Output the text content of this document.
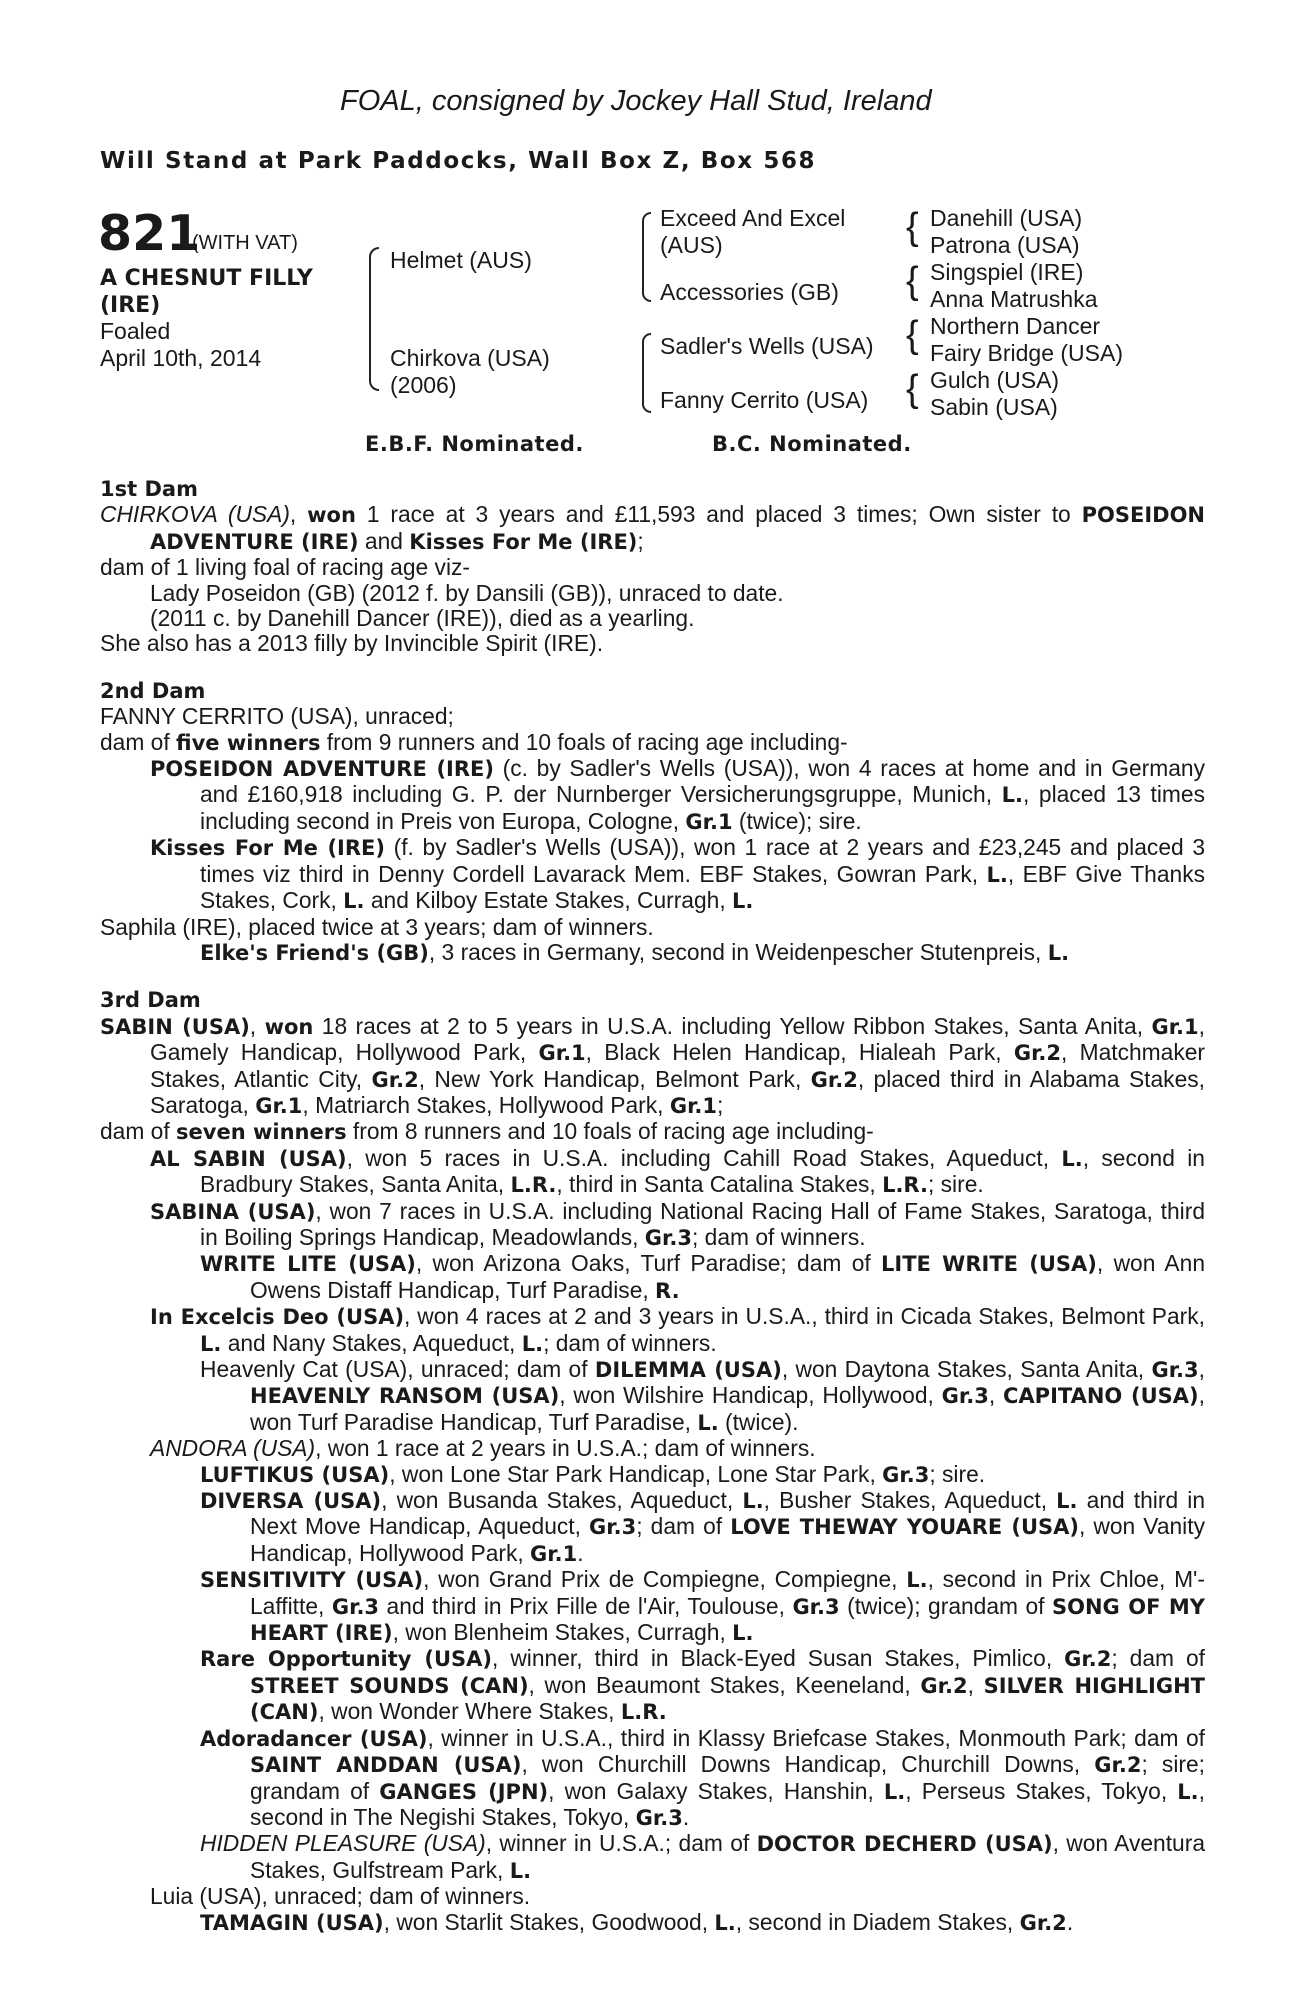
FOAL, consigned by Jockey Hall Stud, Ireland
Will Stand at Park Paddocks, Wall Box Z, Box 568
821
(WITH VAT)
A CHESNUT FILLY
(IRE)
Foaled
April 10th, 2014
Helmet (AUS)
Chirkova (USA)
(2006)
Exceed And Excel
(AUS)
Accessories (GB)
Sadler's Wells (USA)
Fanny Cerrito (USA)
{
{
{
{
Danehill (USA)
Patrona (USA)
Singspiel (IRE)
Anna Matrushka
Northern Dancer
Fairy Bridge (USA)
Gulch (USA)
Sabin (USA)
E.B.F. Nominated.	B.C. Nominated.
1st Dam
CHIRKOVA (USA), won 1 race at 3 years and £11,593 and placed 3 times; Own sister to POSEIDON ADVENTURE (IRE) and Kisses For Me (IRE);
dam of 1 living foal of racing age viz-
Lady Poseidon (GB) (2012 f. by Dansili (GB)), unraced to date.
(2011 c. by Danehill Dancer (IRE)), died as a yearling.
She also has a 2013 filly by Invincible Spirit (IRE).
2nd Dam
FANNY CERRITO (USA), unraced;
dam of five winners from 9 runners and 10 foals of racing age including-
POSEIDON ADVENTURE (IRE) (c. by Sadler's Wells (USA)), won 4 races at home and in Germany and £160,918 including G. P. der Nurnberger Versicherungsgruppe, Munich, L., placed 13 times including second in Preis von Europa, Cologne, Gr.1 (twice); sire.
Kisses For Me (IRE) (f. by Sadler's Wells (USA)), won 1 race at 2 years and £23,245 and placed 3 times viz third in Denny Cordell Lavarack Mem. EBF Stakes, Gowran Park, L., EBF Give Thanks Stakes, Cork, L. and Kilboy Estate Stakes, Curragh, L.
Saphila (IRE), placed twice at 3 years; dam of winners.
Elke's Friend's (GB), 3 races in Germany, second in Weidenpescher Stutenpreis, L.
3rd Dam
SABIN (USA), won 18 races at 2 to 5 years in U.S.A. including Yellow Ribbon Stakes, Santa Anita, Gr.1, Gamely Handicap, Hollywood Park, Gr.1, Black Helen Handicap, Hialeah Park, Gr.2, Matchmaker Stakes, Atlantic City, Gr.2, New York Handicap, Belmont Park, Gr.2, placed third in Alabama Stakes, Saratoga, Gr.1, Matriarch Stakes, Hollywood Park, Gr.1;
dam of seven winners from 8 runners and 10 foals of racing age including-
AL SABIN (USA), won 5 races in U.S.A. including Cahill Road Stakes, Aqueduct, L., second in Bradbury Stakes, Santa Anita, L.R., third in Santa Catalina Stakes, L.R.; sire.
SABINA (USA), won 7 races in U.S.A. including National Racing Hall of Fame Stakes, Saratoga, third in Boiling Springs Handicap, Meadowlands, Gr.3; dam of winners.
WRITE LITE (USA), won Arizona Oaks, Turf Paradise; dam of LITE WRITE (USA), won Ann Owens Distaff Handicap, Turf Paradise, R.
In Excelcis Deo (USA), won 4 races at 2 and 3 years in U.S.A., third in Cicada Stakes, Belmont Park, L. and Nany Stakes, Aqueduct, L.; dam of winners.
Heavenly Cat (USA), unraced; dam of DILEMMA (USA), won Daytona Stakes, Santa Anita, Gr.3, HEAVENLY RANSOM (USA), won Wilshire Handicap, Hollywood, Gr.3, CAPITANO (USA), won Turf Paradise Handicap, Turf Paradise, L. (twice).
ANDORA (USA), won 1 race at 2 years in U.S.A.; dam of winners.
LUFTIKUS (USA), won Lone Star Park Handicap, Lone Star Park, Gr.3; sire.
DIVERSA (USA), won Busanda Stakes, Aqueduct, L., Busher Stakes, Aqueduct, L. and third in Next Move Handicap, Aqueduct, Gr.3; dam of LOVE THEWAY YOUARE (USA), won Vanity Handicap, Hollywood Park, Gr.1.
SENSITIVITY (USA), won Grand Prix de Compiegne, Compiegne, L., second in Prix Chloe, M'-Laffitte, Gr.3 and third in Prix Fille de l'Air, Toulouse, Gr.3 (twice); grandam of SONG OF MY HEART (IRE), won Blenheim Stakes, Curragh, L.
Rare Opportunity (USA), winner, third in Black-Eyed Susan Stakes, Pimlico, Gr.2; dam of STREET SOUNDS (CAN), won Beaumont Stakes, Keeneland, Gr.2, SILVER HIGHLIGHT (CAN), won Wonder Where Stakes, L.R.
Adoradancer (USA), winner in U.S.A., third in Klassy Briefcase Stakes, Monmouth Park; dam of SAINT ANDDAN (USA), won Churchill Downs Handicap, Churchill Downs, Gr.2; sire; grandam of GANGES (JPN), won Galaxy Stakes, Hanshin, L., Perseus Stakes, Tokyo, L., second in The Negishi Stakes, Tokyo, Gr.3.
HIDDEN PLEASURE (USA), winner in U.S.A.; dam of DOCTOR DECHERD (USA), won Aventura Stakes, Gulfstream Park, L.
Luia (USA), unraced; dam of winners.
TAMAGIN (USA), won Starlit Stakes, Goodwood, L., second in Diadem Stakes, Gr.2.
